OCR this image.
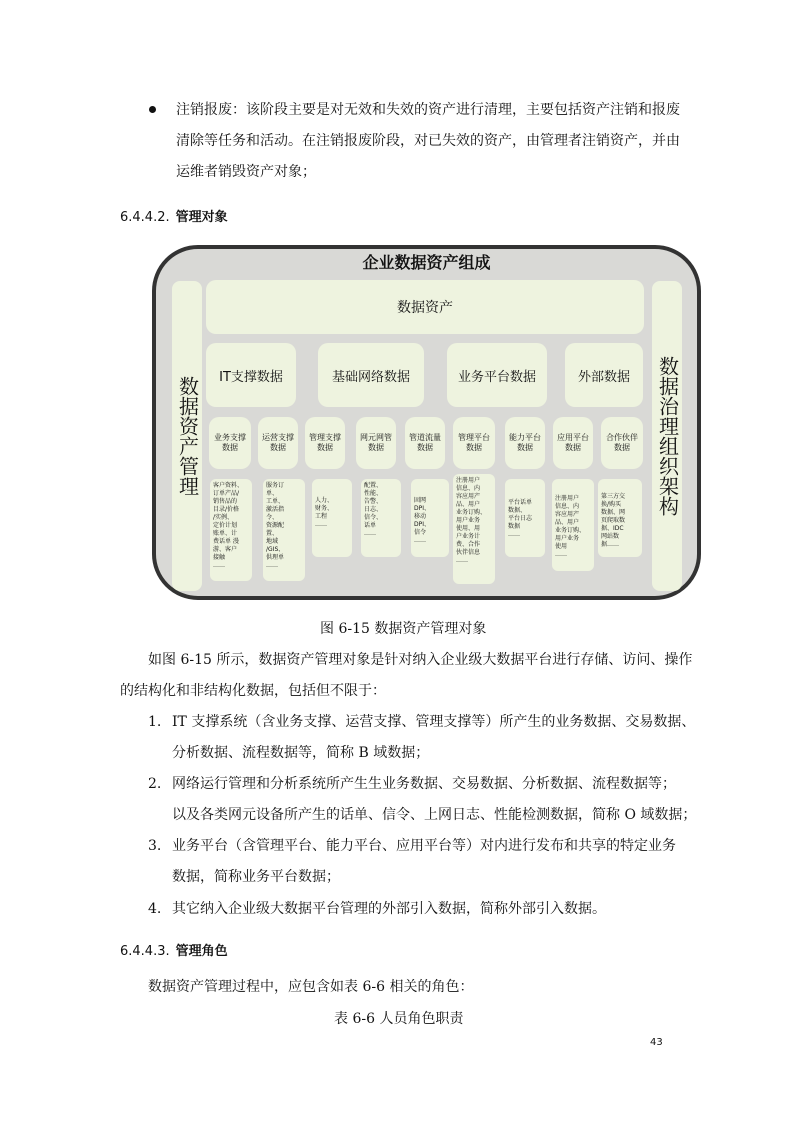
注销报废：该阶段主要是对无效和失效的资产进行清理，主要包括资产注销和报废
清除等任务和活动。在注销报废阶段，对已失效的资产，由管理者注销资产，并由
运维者销毁资产对象；
6.4.4.2. 管理对象
企业数据资产组成
数据资产管理	数据治理组织架构
数据资产
IT支撑数据	基础网络数据	业务平台数据	外部数据
业务支撑数据
运营支撑数据
管理支撑数据
网元网管数据
管道流量数据
管理平台数据
能力平台数据
应用平台数据
合作伙伴数据
客户资料、
订单产品/
销售品的
目录/价格
/实例、
定价计划
账单、计
费话单 漫
游、客户
接触
……
服务订
单、
工单、
激活指
令、
资源配
置、
地域
/GIS、
供理单
……
人力、
财务、
工程
……
配置、
性能、
告警、
日志、
信令、
话单
……
固网
DPI、
移动
DPI、
信令
……
注册用户
信息、内
容应用产
品、用户
业务订购、
用户业务
使用、用
户业务计
费、合作
伙伴信息
……
平台话单
数据、
平台日志
数据
……
注册用户
信息、内
容应用产
品、用户
业务订购、
用户业务
使用
……
第三方交
换/购买
数据、网
页爬取数
据、IDC
网站数
据……
图 6-15 数据资产管理对象
如图 6-15 所示，数据资产管理对象是针对纳入企业级大数据平台进行存储、访问、操作
的结构化和非结构化数据，包括但不限于：
1. IT 支撑系统（含业务支撑、运营支撑、管理支撑等）所产生的业务数据、交易数据、
分析数据、流程数据等，简称 B 域数据；
2. 网络运行管理和分析系统所产生生业务数据、交易数据、分析数据、流程数据等；
以及各类网元设备所产生的话单、信令、上网日志、性能检测数据，简称 O 域数据；
3. 业务平台（含管理平台、能力平台、应用平台等）对内进行发布和共享的特定业务
数据，简称业务平台数据；
4. 其它纳入企业级大数据平台管理的外部引入数据，简称外部引入数据。
6.4.4.3. 管理角色
数据资产管理过程中，应包含如表 6-6 相关的角色：
表 6-6 人员角色职责
43
